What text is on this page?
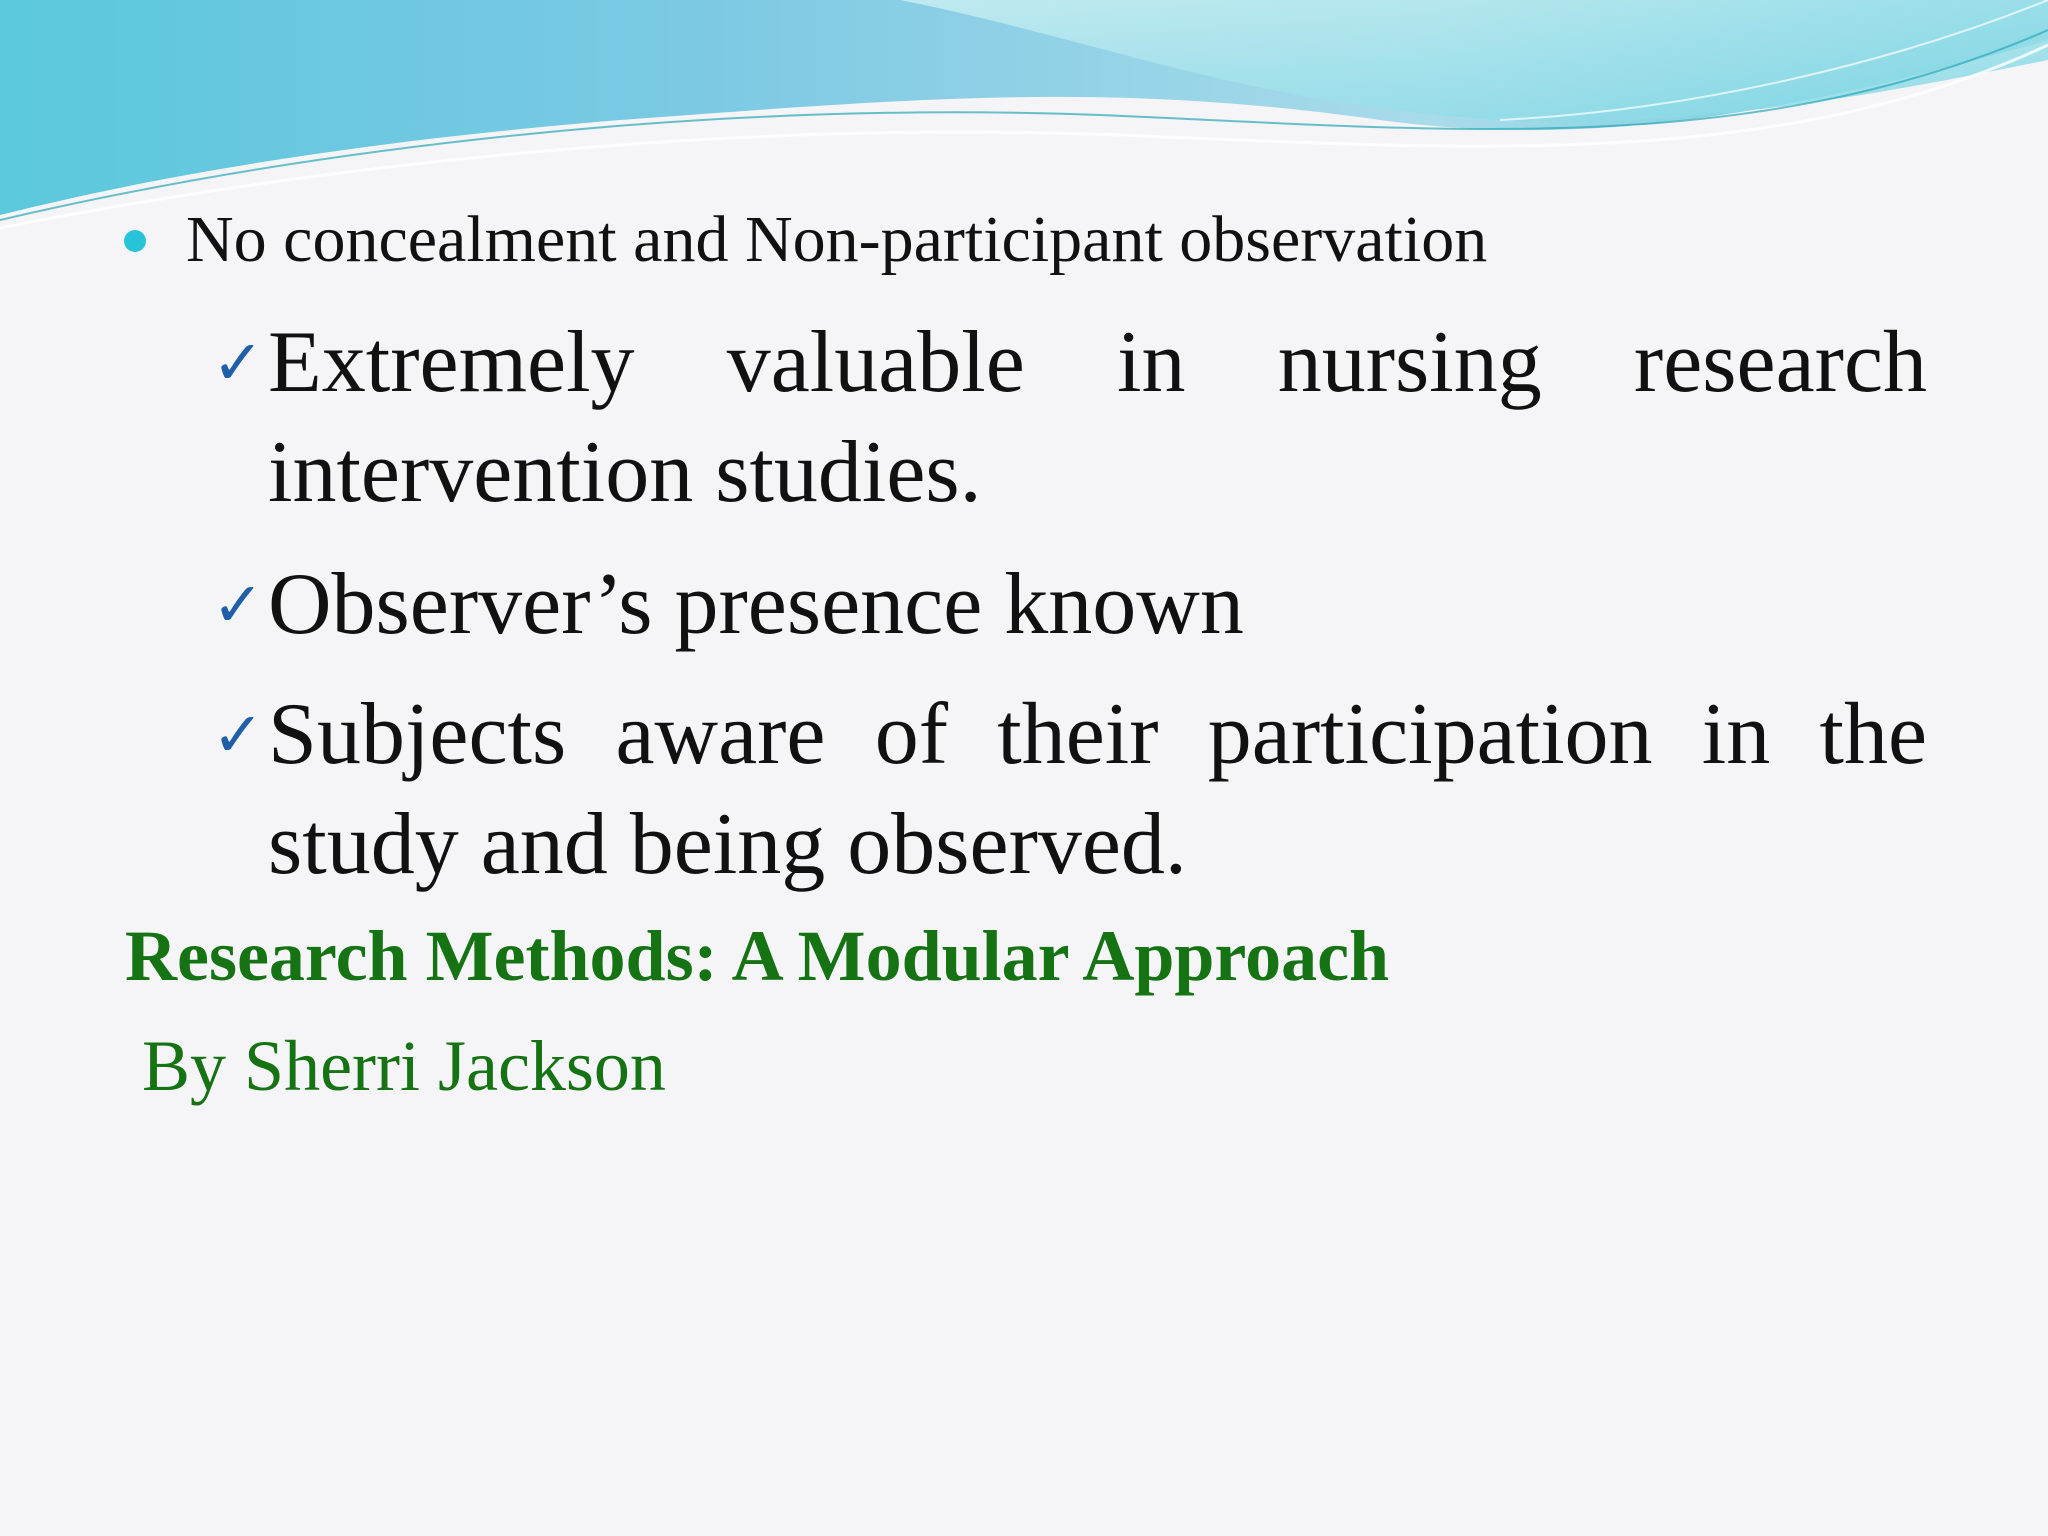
No concealment and Non-participant observation
✓ Extremely valuable in nursing research intervention studies.
✓ Observer’s presence known
✓ Subjects aware of their participation in the study and being observed.
Research Methods: A Modular Approach
By Sherri Jackson
